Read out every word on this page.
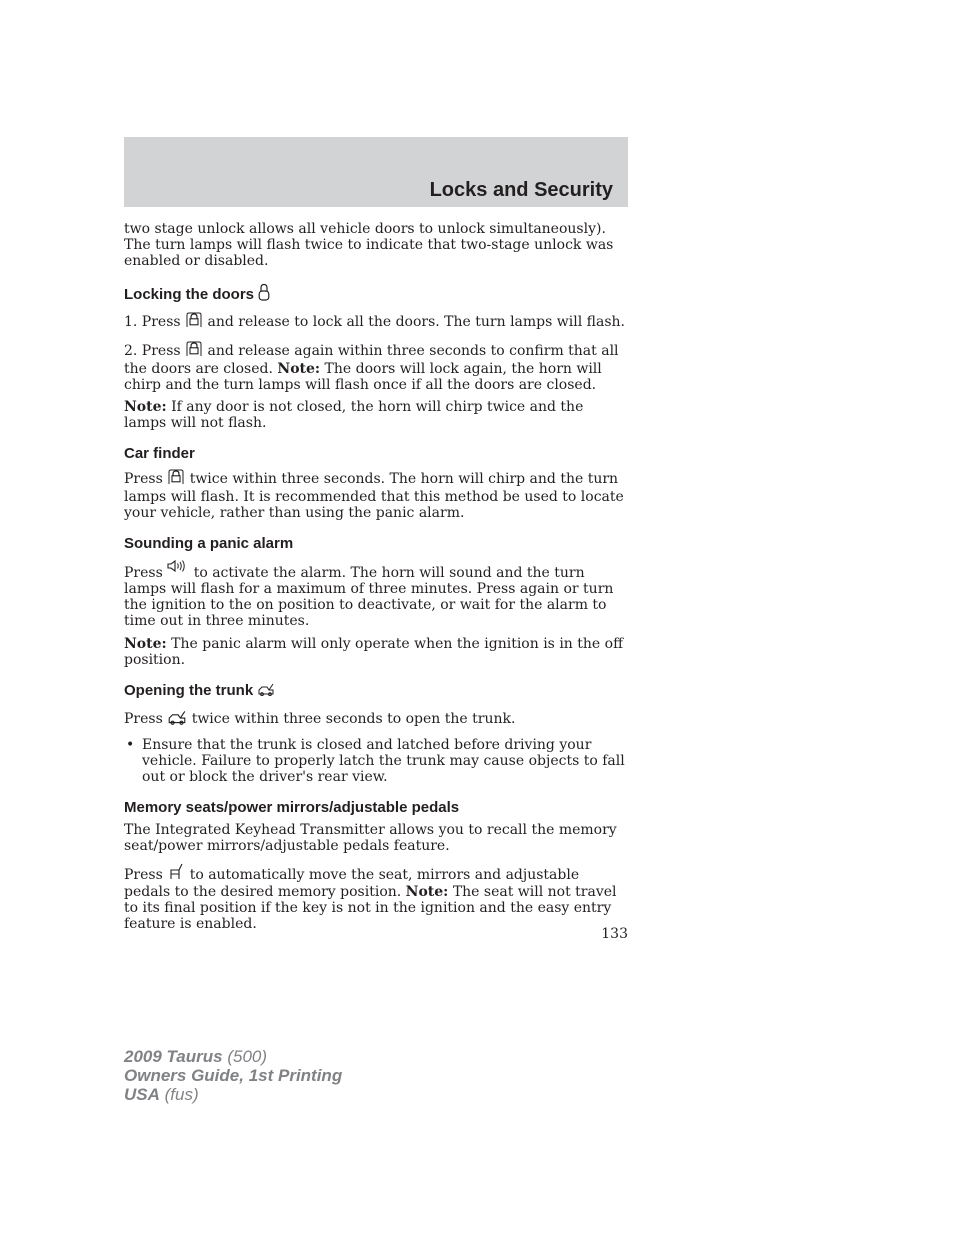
Locks and Security

two stage unlock allows all vehicle doors to unlock simultaneously). The turn lamps will flash twice to indicate that two-stage unlock was enabled or disabled.

Locking the doors

1. Press and release to lock all the doors. The turn lamps will flash.

2. Press and release again within three seconds to confirm that all the doors are closed. Note: The doors will lock again, the horn will chirp and the turn lamps will flash once if all the doors are closed.

Note: If any door is not closed, the horn will chirp twice and the lamps will not flash.

Car finder

Press twice within three seconds. The horn will chirp and the turn lamps will flash. It is recommended that this method be used to locate your vehicle, rather than using the panic alarm.

Sounding a panic alarm

Press to activate the alarm. The horn will sound and the turn lamps will flash for a maximum of three minutes. Press again or turn the ignition to the on position to deactivate, or wait for the alarm to time out in three minutes.

Note: The panic alarm will only operate when the ignition is in the off position.

Opening the trunk

Press twice within three seconds to open the trunk.

• Ensure that the trunk is closed and latched before driving your vehicle. Failure to properly latch the trunk may cause objects to fall out or block the driver's rear view.

Memory seats/power mirrors/adjustable pedals

The Integrated Keyhead Transmitter allows you to recall the memory seat/power mirrors/adjustable pedals feature.

Press to automatically move the seat, mirrors and adjustable pedals to the desired memory position. Note: The seat will not travel to its final position if the key is not in the ignition and the easy entry feature is enabled.

133
2009 Taurus (500)
Owners Guide, 1st Printing
USA (fus)
